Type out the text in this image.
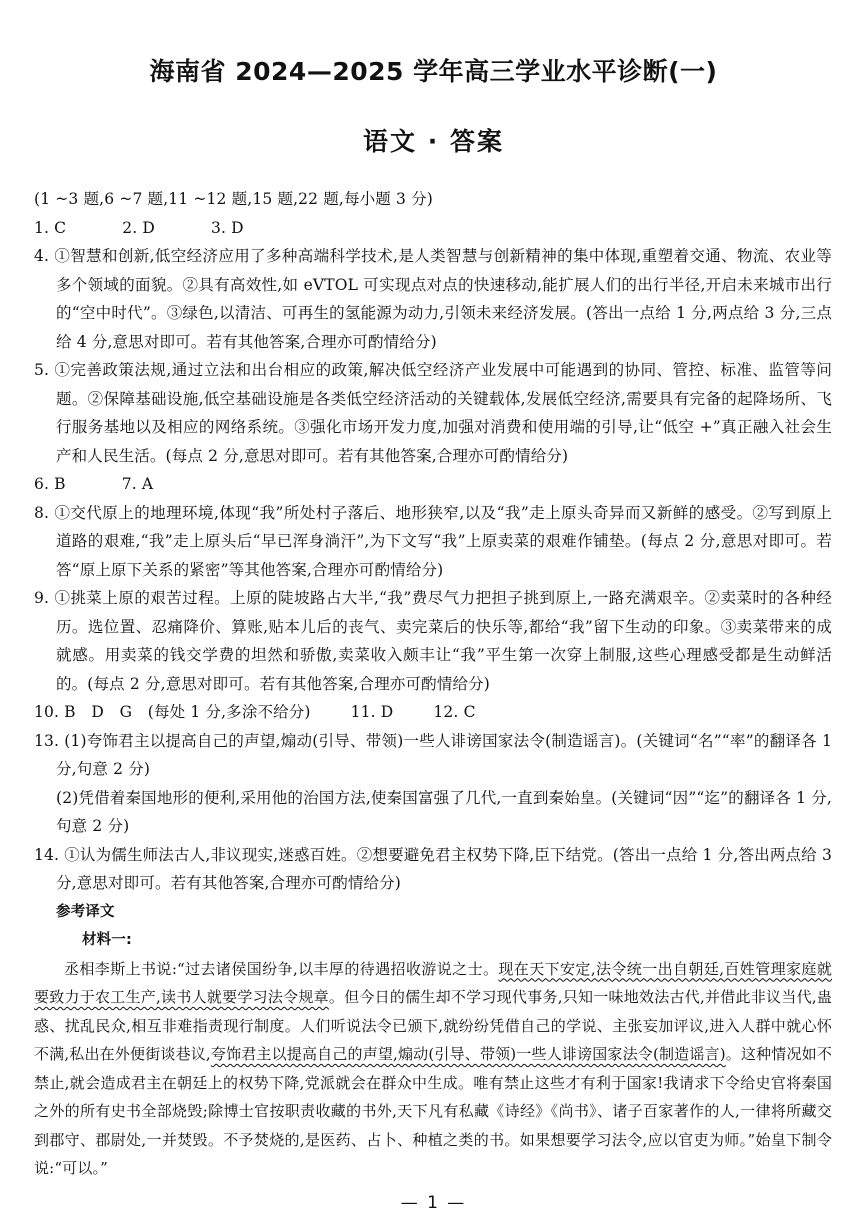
海南省 2024—2025 学年高三学业水平诊断(一)
语文 · 答案

(1 ~3 题,6 ~7 题,11 ~12 题,15 题,22 题,每小题 3 分)

1. C	2. D	3. D

4. ①智慧和创新,低空经济应用了多种高端科学技术,是人类智慧与创新精神的集中体现,重塑着交通、物流、农业等多个领域的面貌。②具有高效性,如 eVTOL 可实现点对点的快速移动,能扩展人们的出行半径,开启未来城市出行的“空中时代”。③绿色,以清洁、可再生的氢能源为动力,引领未来经济发展。(答出一点给 1 分,两点给 3 分,三点给 4 分,意思对即可。若有其他答案,合理亦可酌情给分)

5. ①完善政策法规,通过立法和出台相应的政策,解决低空经济产业发展中可能遇到的协同、管控、标准、监管等问题。②保障基础设施,低空基础设施是各类低空经济活动的关键载体,发展低空经济,需要具有完备的起降场所、飞行服务基地以及相应的网络系统。③强化市场开发力度,加强对消费和使用端的引导,让“低空 +”真正融入社会生产和人民生活。(每点 2 分,意思对即可。若有其他答案,合理亦可酌情给分)

6. B	7. A

8. ①交代原上的地理环境,体现“我”所处村子落后、地形狭窄,以及“我”走上原头奇异而又新鲜的感受。②写到原上道路的艰难,“我”走上原头后“早已浑身淌汗”,为下文写“我”上原卖菜的艰难作铺垫。(每点 2 分,意思对即可。若答“原上原下关系的紧密”等其他答案,合理亦可酌情给分)

9. ①挑菜上原的艰苦过程。上原的陡坡路占大半,“我”费尽气力把担子挑到原上,一路充满艰辛。②卖菜时的各种经历。选位置、忍痛降价、算账,贴本儿后的丧气、卖完菜后的快乐等,都给“我”留下生动的印象。③卖菜带来的成就感。用卖菜的钱交学费的坦然和骄傲,卖菜收入颇丰让“我”平生第一次穿上制服,这些心理感受都是生动鲜活的。(每点 2 分,意思对即可。若有其他答案,合理亦可酌情给分)

10. B　D　G　(每处 1 分,多涂不给分)	11. D	12. C

13. (1)夸饰君主以提高自己的声望,煽动(引导、带领)一些人诽谤国家法令(制造谣言)。(关键词“名”“率”的翻译各 1 分,句意 2 分)

(2)凭借着秦国地形的便利,采用他的治国方法,使秦国富强了几代,一直到秦始皇。(关键词“因”“迄”的翻译各 1 分,句意 2 分)

14. ①认为儒生师法古人,非议现实,迷惑百姓。②想要避免君主权势下降,臣下结党。(答出一点给 1 分,答出两点给 3 分,意思对即可。若有其他答案,合理亦可酌情给分)

参考译文

材料一:

丞相李斯上书说:“过去诸侯国纷争,以丰厚的待遇招收游说之士。现在天下安定,法令统一出自朝廷,百姓管理家庭就要致力于农工生产,读书人就要学习法令规章。但今日的儒生却不学习现代事务,只知一味地效法古代,并借此非议当代,蛊惑、扰乱民众,相互非难指责现行制度。人们听说法令已颁下,就纷纷凭借自己的学说、主张妄加评议,进入人群中就心怀不满,私出在外便街谈巷议,夸饰君主以提高自己的声望,煽动(引导、带领)一些人诽谤国家法令(制造谣言)。这种情况如不禁止,就会造成君主在朝廷上的权势下降,党派就会在群众中生成。唯有禁止这些才有利于国家!我请求下令给史官将秦国之外的所有史书全部烧毁;除博士官按职责收藏的书外,天下凡有私藏《诗经》《尚书》、诸子百家著作的人,一律将所藏交到郡守、郡尉处,一并焚毁。不予焚烧的,是医药、占卜、种植之类的书。如果想要学习法令,应以官吏为师。”始皇下制令说:“可以。”

— 1 —
